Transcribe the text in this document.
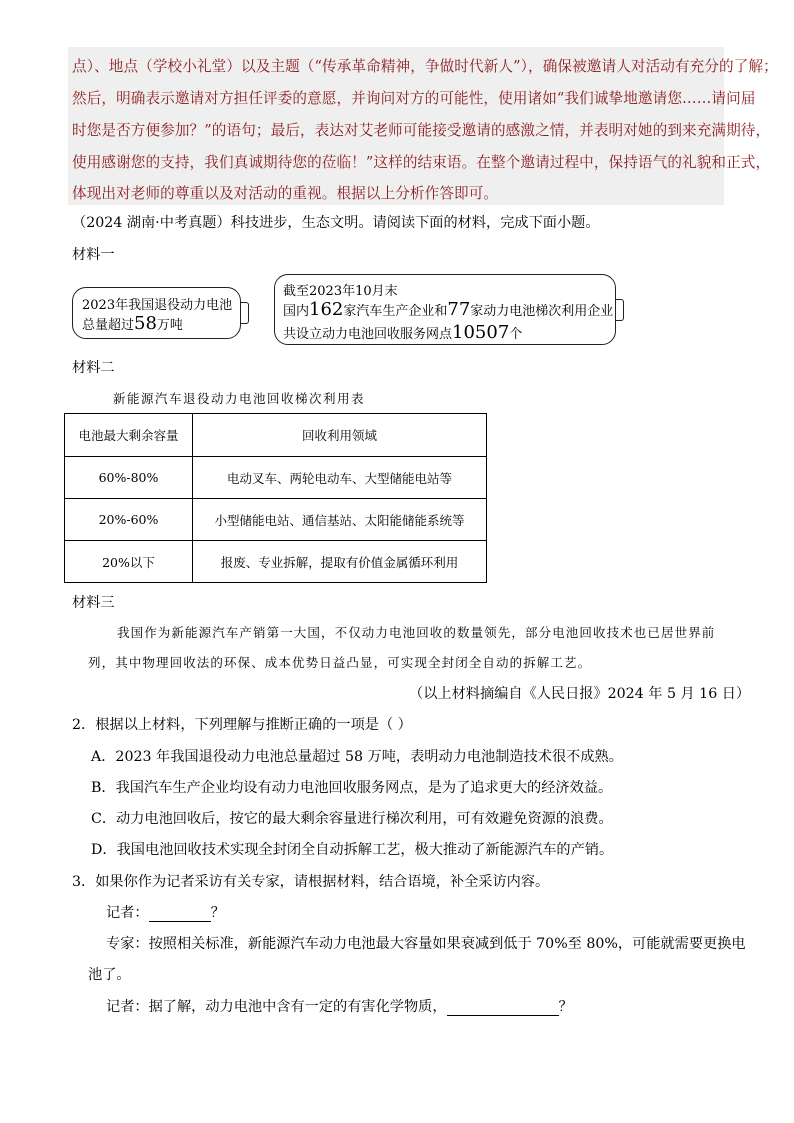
点）、地点（学校小礼堂）以及主题（“传承革命精神，争做时代新人”），确保被邀请人对活动有充分的了解；
然后，明确表示邀请对方担任评委的意愿，并询问对方的可能性，使用诸如“我们诚挚地邀请您……请问届
时您是否方便参加？”的语句；最后，表达对艾老师可能接受邀请的感激之情，并表明对她的到来充满期待，
使用感谢您的支持，我们真诚期待您的莅临！”这样的结束语。在整个邀请过程中，保持语气的礼貌和正式，
体现出对老师的尊重以及对活动的重视。根据以上分析作答即可。
（2024 湖南·中考真题）科技进步，生态文明。请阅读下面的材料，完成下面小题。
材料一
2023年我国退役动力电池
总量超过58万吨
截至2023年10月末
国内162家汽车生产企业和77家动力电池梯次利用企业
共设立动力电池回收服务网点10507个
材料二
新能源汽车退役动力电池回收梯次利用表
电池最大剩余容量	回收利用领域
60%-80%	电动叉车、两轮电动车、大型储能电站等
20%-60%	小型储能电站、通信基站、太阳能储能系统等
20%以下	报废、专业拆解，提取有价值金属循环利用
材料三
我国作为新能源汽车产销第一大国，不仅动力电池回收的数量领先，部分电池回收技术也已居世界前
列，其中物理回收法的环保、成本优势日益凸显，可实现全封闭全自动的拆解工艺。
（以上材料摘编自《人民日报》2024 年 5 月 16 日）
2．根据以上材料，下列理解与推断正确的一项是（ ）
A．2023 年我国退役动力电池总量超过 58 万吨，表明动力电池制造技术很不成熟。
B．我国汽车生产企业均设有动力电池回收服务网点，是为了追求更大的经济效益。
C．动力电池回收后，按它的最大剩余容量进行梯次利用，可有效避免资源的浪费。
D．我国电池回收技术实现全封闭全自动拆解工艺，极大推动了新能源汽车的产销。
3．如果你作为记者采访有关专家，请根据材料，结合语境，补全采访内容。
记者：	？
专家：按照相关标准，新能源汽车动力电池最大容量如果衰减到低于 70%至 80%，可能就需要更换电
池了。
记者：据了解，动力电池中含有一定的有害化学物质，	？
